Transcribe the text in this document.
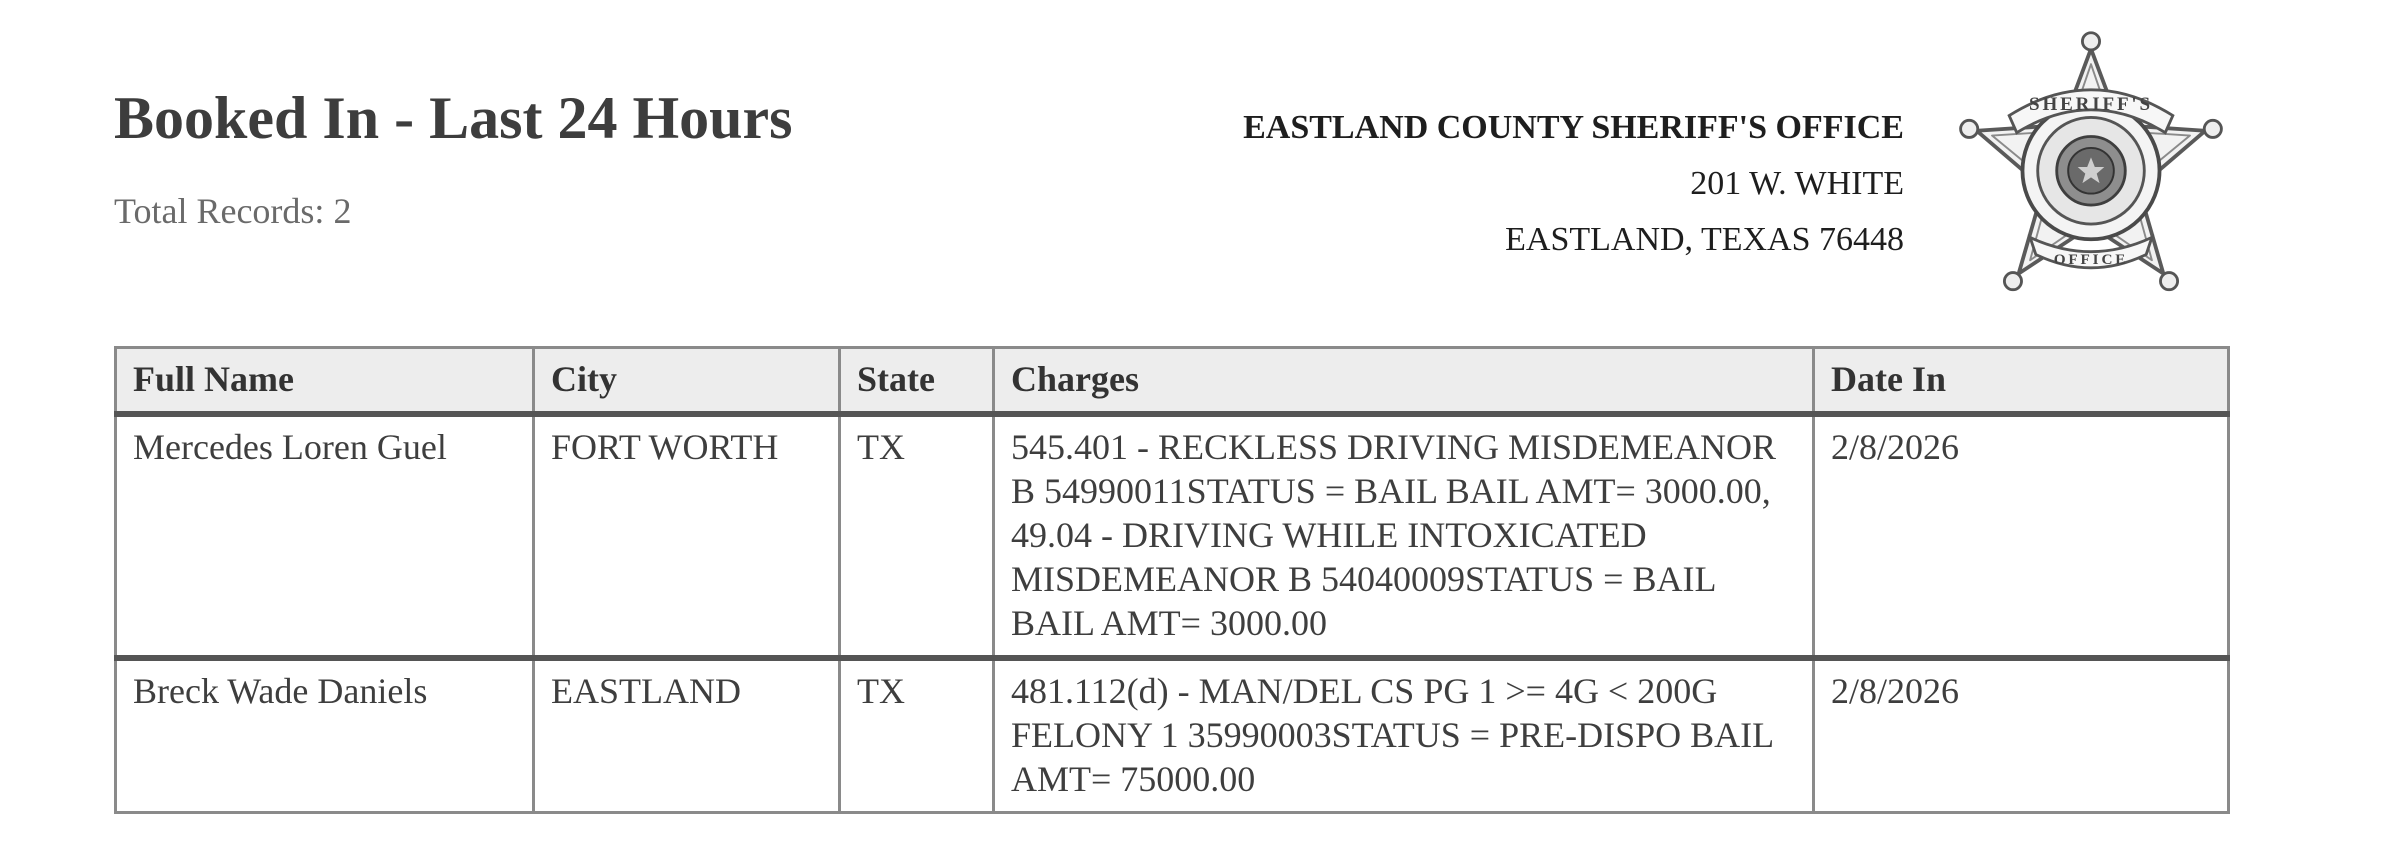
Booked In - Last 24 Hours
Total Records: 2
EASTLAND COUNTY SHERIFF'S OFFICE
201 W. WHITE
EASTLAND, TEXAS 76448
SHERIFF'S
OFFICE
Full Name	City	State	Charges	Date In
Mercedes Loren Guel	FORT WORTH	TX	545.401 - RECKLESS DRIVING MISDEMEANOR B 54990011STATUS = BAIL BAIL AMT= 3000.00, 49.04 - DRIVING WHILE INTOXICATED MISDEMEANOR B 54040009STATUS = BAIL BAIL AMT= 3000.00	2/8/2026
Breck Wade Daniels	EASTLAND	TX	481.112(d) - MAN/DEL CS PG 1 >= 4G < 200G FELONY 1 35990003STATUS = PRE-DISPO BAIL AMT= 75000.00	2/8/2026
